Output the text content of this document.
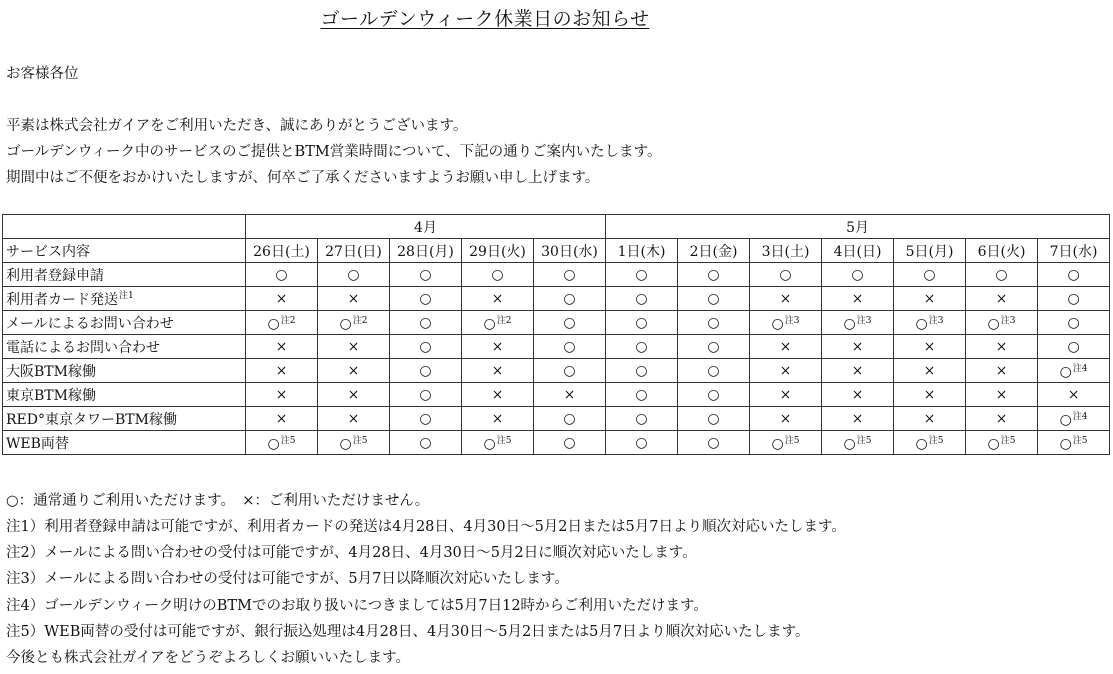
ゴールデンウィーク休業日のお知らせ
お客様各位
平素は株式会社ガイアをご利用いただき、誠にありがとうございます。
ゴールデンウィーク中のサービスのご提供とBTM営業時間について、下記の通りご案内いたします。
期間中はご不便をおかけいたしますが、何卒ご了承くださいますようお願い申し上げます。
	4月					5月						
サービス内容	26日(土)	27日(日)	28日(月)	29日(火)	30日(水)	1日(木)	2日(金)	3日(土)	4日(日)	5日(月)	6日(火)	7日(水)
利用者登録申請	○	○	○	○	○	○	○	○	○	○	○	○
利用者カード発送$^{注1}$	×	×	○	×	○	○	○	×	×	×	×	○
メールによるお問い合わせ	○$^{注2}$	○$^{注2}$	○	○$^{注2}$	○	○	○	○$^{注3}$	○$^{注3}$	○$^{注3}$	○$^{注3}$	○
電話によるお問い合わせ	×	×	○	×	○	○	○	×	×	×	×	○
大阪BTM稼働	×	×	○	×	○	○	○	×	×	×	×	○$^{注4}$
東京BTM稼働	×	×	○	×	×	○	○	×	×	×	×	×
RED°東京タワーBTM稼働	×	×	○	×	○	○	○	×	×	×	×	○$^{注4}$
WEB両替	○$^{注5}$	○$^{注5}$	○	○$^{注5}$	○	○	○	○$^{注5}$	○$^{注5}$	○$^{注5}$	○$^{注5}$	○$^{注5}$
○：通常通りご利用いただけます。　×：ご利用いただけません。
注1）利用者登録申請は可能ですが、利用者カードの発送は4月28日、4月30日～5月2日または5月7日より順次対応いたします。
注2）メールによる問い合わせの受付は可能ですが、4月28日、4月30日～5月2日に順次対応いたします。
注3）メールによる問い合わせの受付は可能ですが、5月7日以降順次対応いたします。
注4）ゴールデンウィーク明けのBTMでのお取り扱いにつきましては5月7日12時からご利用いただけます。
注5）WEB両替の受付は可能ですが、銀行振込処理は4月28日、4月30日～5月2日または5月7日より順次対応いたします。
今後とも株式会社ガイアをどうぞよろしくお願いいたします。
